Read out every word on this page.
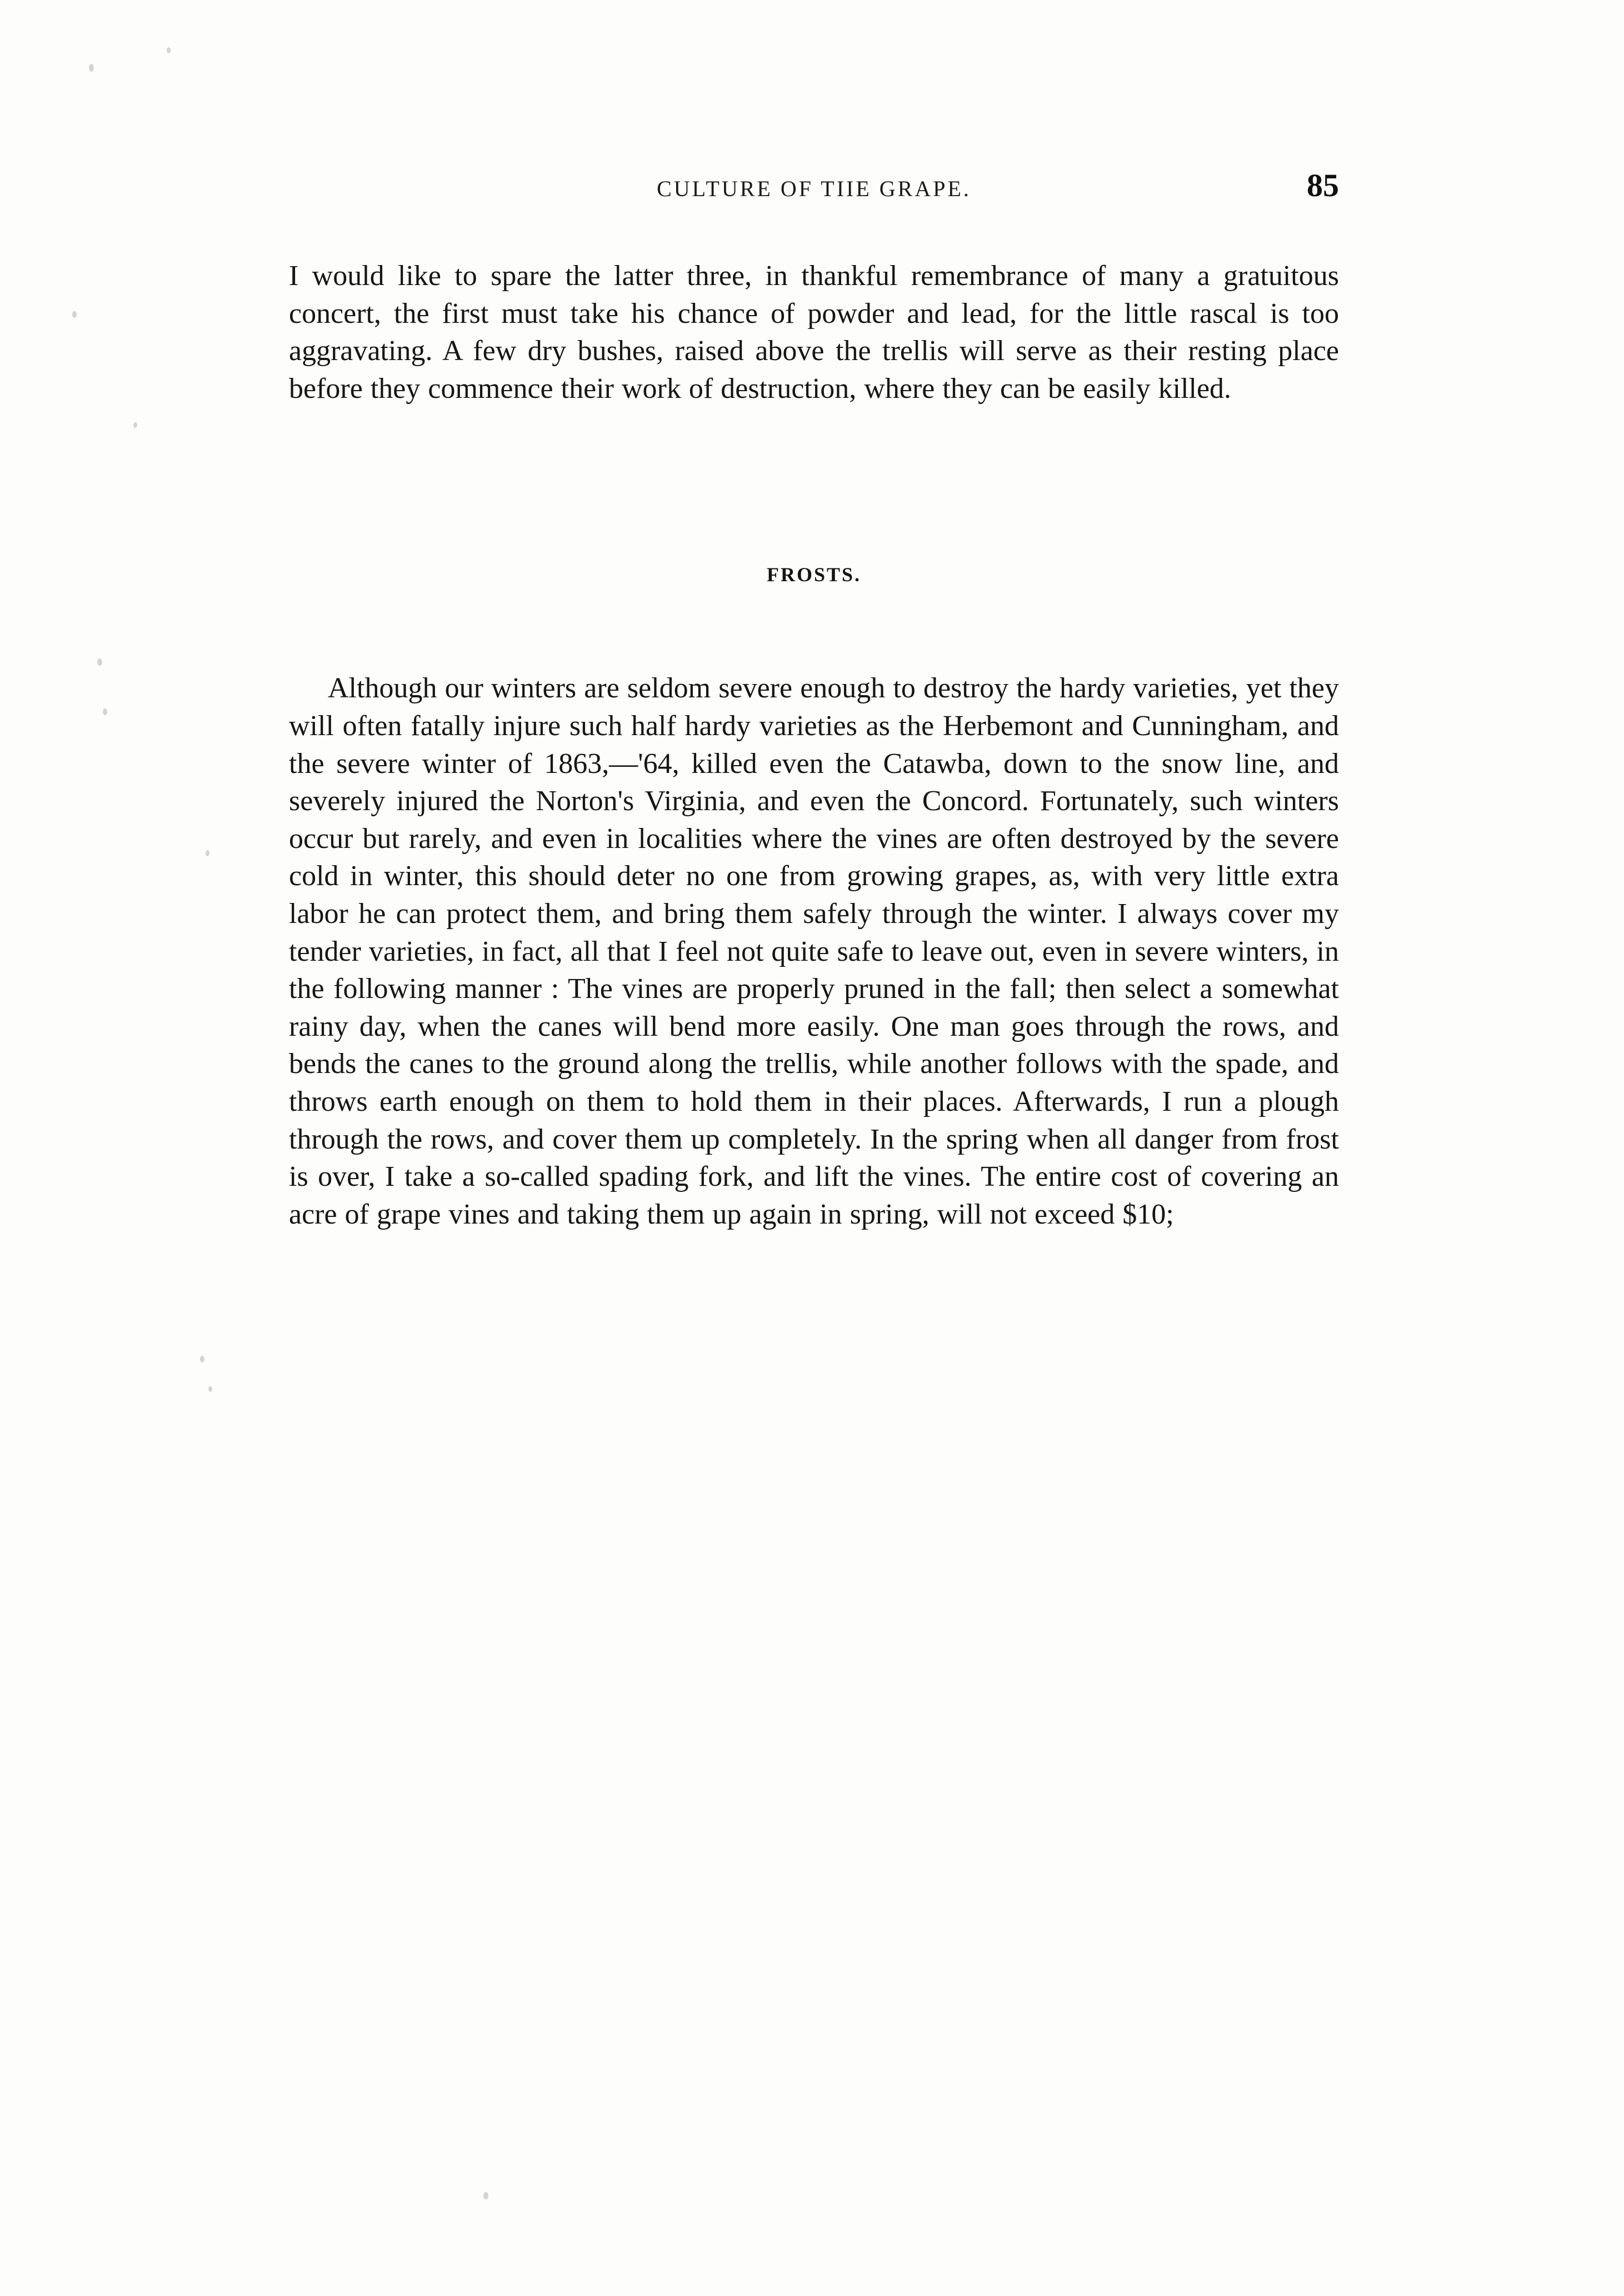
CULTURE OF TIIE GRAPE.	85

I would like to spare the latter three, in thankful remembrance of many a gratuitous concert, the first must take his chance of powder and lead, for the little rascal is too aggravating. A few dry bushes, raised above the trellis will serve as their resting place before they commence their work of destruction, where they can be easily killed.

FROSTS.

Although our winters are seldom severe enough to destroy the hardy varieties, yet they will often fatally injure such half hardy varieties as the Herbemont and Cunningham, and the severe winter of 1863,—'64, killed even the Catawba, down to the snow line, and severely injured the Norton's Virginia, and even the Concord. Fortunately, such winters occur but rarely, and even in localities where the vines are often destroyed by the severe cold in winter, this should deter no one from growing grapes, as, with very little extra labor he can protect them, and bring them safely through the winter. I always cover my tender varieties, in fact, all that I feel not quite safe to leave out, even in severe winters, in the following manner : The vines are properly pruned in the fall; then select a somewhat rainy day, when the canes will bend more easily. One man goes through the rows, and bends the canes to the ground along the trellis, while another follows with the spade, and throws earth enough on them to hold them in their places. Afterwards, I run a plough through the rows, and cover them up completely. In the spring when all danger from frost is over, I take a so-called spading fork, and lift the vines. The entire cost of covering an acre of grape vines and taking them up again in spring, will not exceed $10;
